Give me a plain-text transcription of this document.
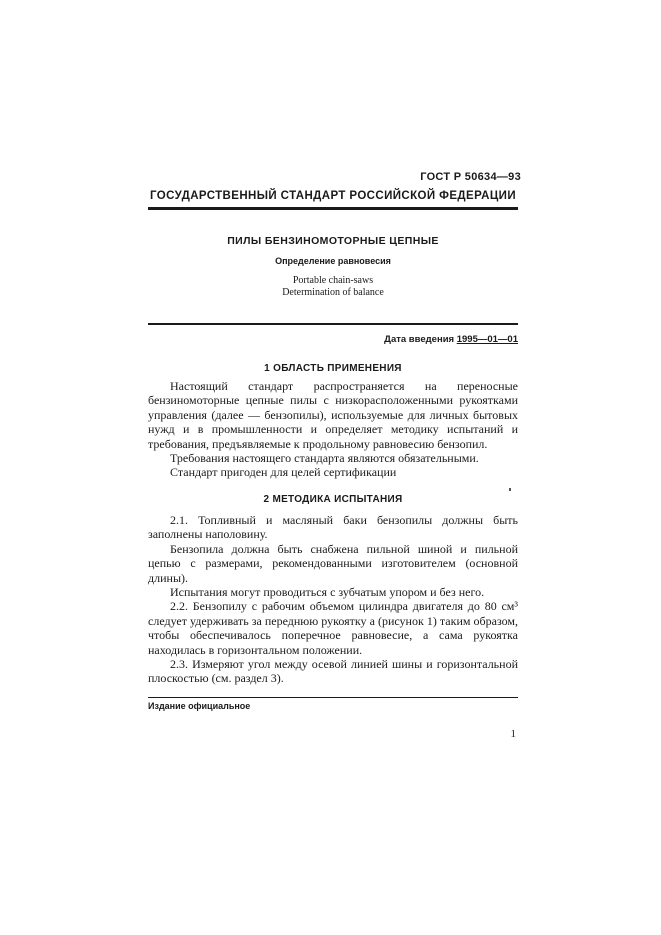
ГОСТ Р 50634—93
ГОСУДАРСТВЕННЫЙ СТАНДАРТ РОССИЙСКОЙ ФЕДЕРАЦИИ
ПИЛЫ БЕНЗИНОМОТОРНЫЕ ЦЕПНЫЕ
Определение равновесия
Portable chain-saws
Determination of balance
Дата введения 1995—01—01
1 ОБЛАСТЬ ПРИМЕНЕНИЯ

Настоящий стандарт распространяется на переносные бензиномоторные цепные пилы с низкорасположенными рукоятками управления (далее — бензопилы), используемые для личных бытовых нужд и в промышленности и определяет методику испытаний и требования, предъявляемые к продольному равновесию бензопил.

Требования настоящего стандарта являются обязательными.

Стандарт пригоден для целей сертификации

2 МЕТОДИКА ИСПЫТАНИЯ

2.1. Топливный и масляный баки бензопилы должны быть заполнены наполовину.

Бензопила должна быть снабжена пильной шиной и пильной цепью с размерами, рекомендованными изготовителем (основной длины).

Испытания могут проводиться с зубчатым упором и без него.

2.2. Бензопилу с рабочим объемом цилиндра двигателя до 80 см³ следует удерживать за переднюю рукоятку a (рисунок 1) таким образом, чтобы обеспечивалось поперечное равновесие, а сама рукоятка находилась в горизонтальном положении.

2.3. Измеряют угол между осевой линией шины и горизонтальной плоскостью (см. раздел 3).

Издание официальное
1
